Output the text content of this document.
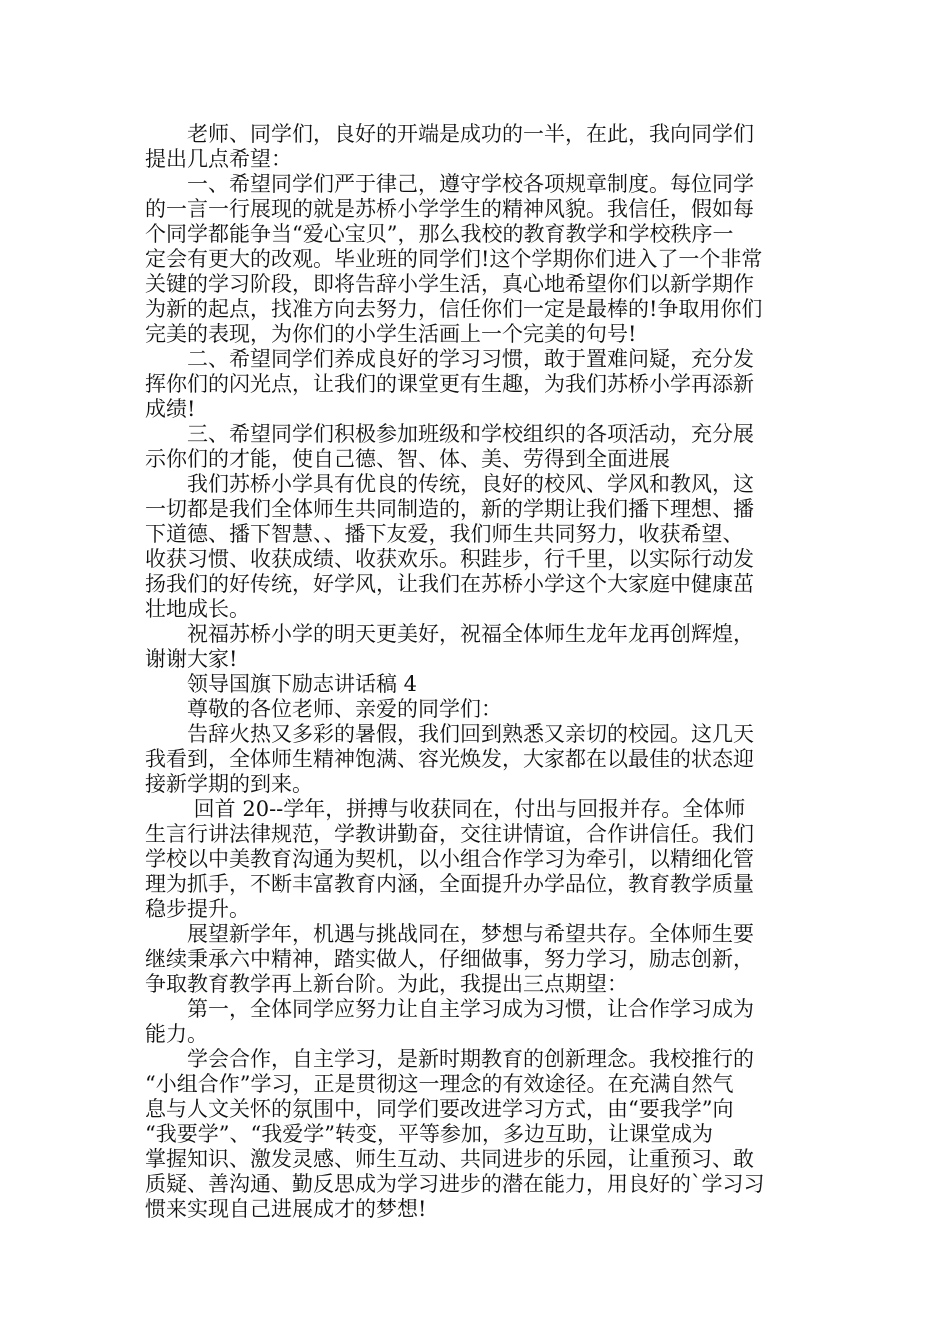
　　老师、同学们，良好的开端是成功的一半，在此，我向同学们
提出几点希望：
　　一、希望同学们严于律己，遵守学校各项规章制度。每位同学
的一言一行展现的就是苏桥小学学生的精神风貌。我信任，假如每
个同学都能争当“爱心宝贝”，那么我校的教育教学和学校秩序一
定会有更大的改观。毕业班的同学们!这个学期你们进入了一个非常
关键的学习阶段，即将告辞小学生活，真心地希望你们以新学期作
为新的起点，找准方向去努力，信任你们一定是最棒的!争取用你们
完美的表现，为你们的小学生活画上一个完美的句号!
　　二、希望同学们养成良好的学习习惯，敢于置难问疑，充分发
挥你们的闪光点，让我们的课堂更有生趣，为我们苏桥小学再添新
成绩!
　　三、希望同学们积极参加班级和学校组织的各项活动，充分展
示你们的才能，使自己德、智、体、美、劳得到全面进展
　　我们苏桥小学具有优良的传统，良好的校风、学风和教风，这
一切都是我们全体师生共同制造的，新的学期让我们播下理想、播
下道德、播下智慧、、播下友爱，我们师生共同努力，收获希望、
收获习惯、收获成绩、收获欢乐。积跬步，行千里，以实际行动发
扬我们的好传统，好学风，让我们在苏桥小学这个大家庭中健康茁
壮地成长。
　　祝福苏桥小学的明天更美好，祝福全体师生龙年龙再创辉煌，
谢谢大家!
　　领导国旗下励志讲话稿 4
　　尊敬的各位老师、亲爱的同学们：
　　告辞火热又多彩的暑假，我们回到熟悉又亲切的校园。这几天
我看到，全体师生精神饱满、容光焕发，大家都在以最佳的状态迎
接新学期的到来。
　　 回首 20--学年，拼搏与收获同在，付出与回报并存。全体师
生言行讲法律规范，学教讲勤奋，交往讲情谊，合作讲信任。我们
学校以中美教育沟通为契机，以小组合作学习为牵引，以精细化管
理为抓手，不断丰富教育内涵，全面提升办学品位，教育教学质量
稳步提升。
　　展望新学年，机遇与挑战同在，梦想与希望共存。全体师生要
继续秉承六中精神，踏实做人，仔细做事，努力学习，励志创新，
争取教育教学再上新台阶。为此，我提出三点期望：
　　第一，全体同学应努力让自主学习成为习惯，让合作学习成为
能力。
　　学会合作，自主学习，是新时期教育的创新理念。我校推行的
“小组合作”学习，正是贯彻这一理念的有效途径。在充满自然气
息与人文关怀的氛围中，同学们要改进学习方式，由“要我学”向
“我要学”、“我爱学”转变，平等参加，多边互助，让课堂成为
掌握知识、激发灵感、师生互动、共同进步的乐园，让重预习、敢
质疑、善沟通、勤反思成为学习进步的潜在能力，用良好的`学习习
惯来实现自己进展成才的梦想!
